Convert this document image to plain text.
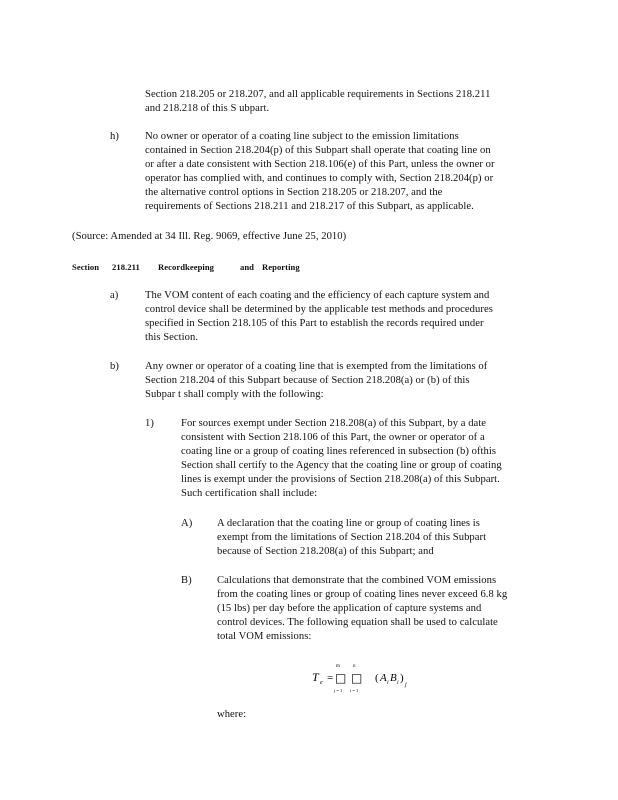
Section 218.205 or 218.207, and all applicable requirements in Sections 218.211
and 218.218 of this S ubpart.
h) No owner or operator of a coating line subject to the emission limitations
contained in Section 218.204(p) of this Subpart shall operate that coating line on
or after a date consistent with Section 218.106(e) of this Part, unless the owner or
operator has complied with, and continues to comply with, Section 218.204(p) or
the alternative control options in Section 218.205 or 218.207, and the
requirements of Sections 218.211 and 218.217 of this Subpart, as applicable.
(Source: Amended at 34 Ill. Reg. 9069, effective June 25, 2010)
Section 218.211 Recordkeeping	and Reporting
a)	The VOM content of each coating and the efficiency of each capture system and
control device shall be determined by the applicable test methods and procedures
specified in Section 218.105 of this Part to establish the records required under
this Section.
b) Any owner or operator of a coating line that is exempted from the limitations of
Section 218.204 of this Subpart because of Section 218.208(a) or (b) of this
Subpar t shall comply with the following:
1)	For sources exempt under Section 218.208(a) of this Subpart, by a date
consistent with Section 218.106 of this Part, the owner or operator of a
coating line or a group of coating lines referenced in subsection (b) ofthis
Section shall certify to the Agency that the coating line or group of coating
lines is exempt under the provisions of Section 218.208(a) of this Subpart.
Such certification shall include:
A) A declaration that the coating line or group of coating lines is
exempt from the limitations of Section 218.204 of this Subpart
because of Section 218.208(a) of this Subpart; and
B) Calculations that demonstrate that the combined VOM emissions
from the coating lines or group of coating lines never exceed 6.8 kg
(15 lbs) per day before the application of capture systems and
control devices. The following equation shall be used to calculate
total VOM emissions:
T e =
m
□
j = 1
n
□
i = 1
( A i B i )
j
where:
